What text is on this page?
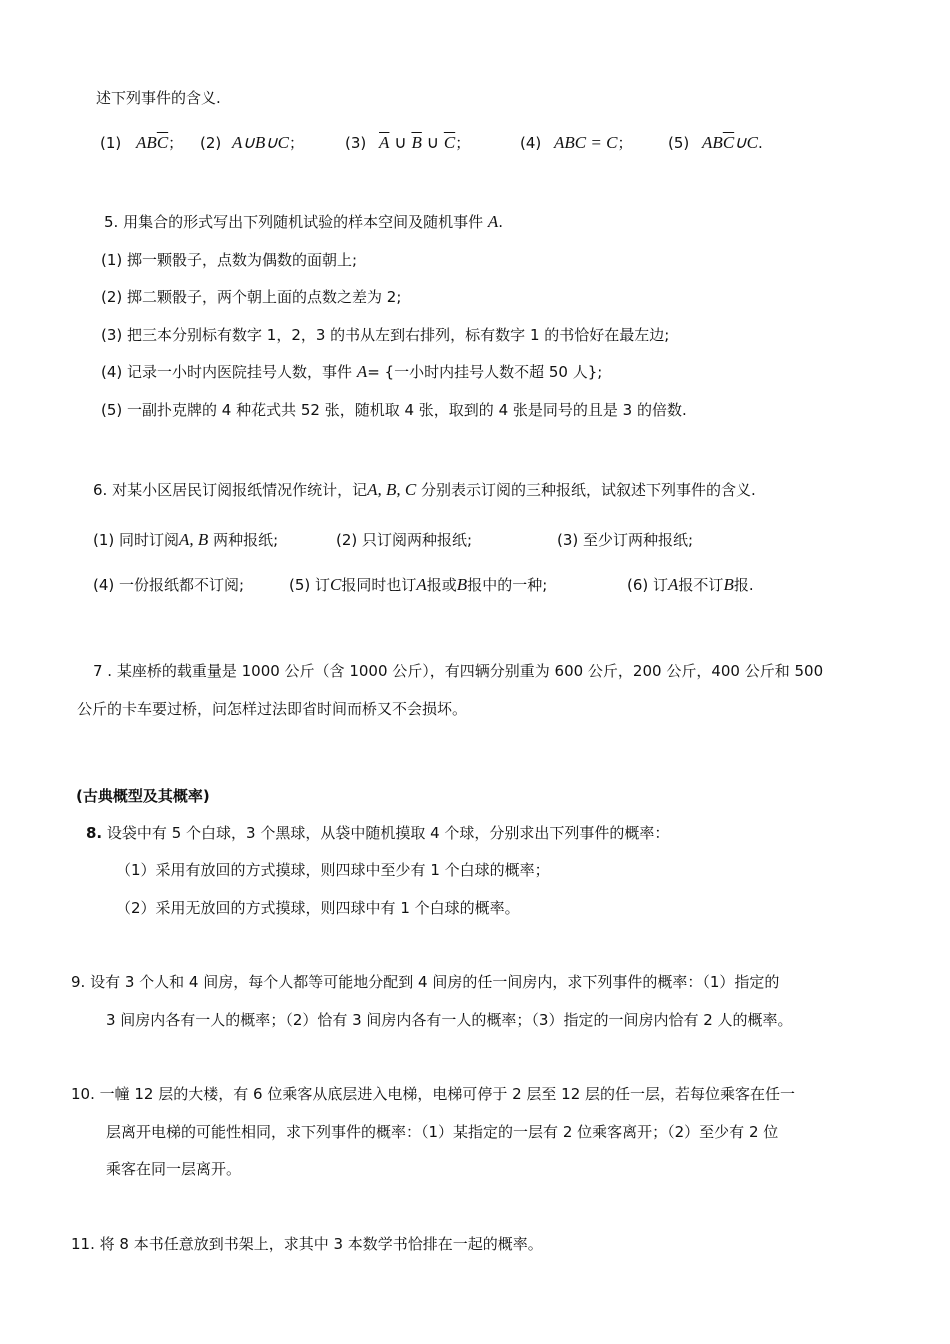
述下列事件的含义.
(1) $AB\overline{C}$； (2) A∪B∪C；	(3) $\overline{A}$ ∪ $\overline{B}$ ∪ $\overline{C}$；	(4) ABC = C； (5) $AB\overline{C}\cup C$.
5. 用集合的形式写出下列随机试验的样本空间及随机事件 A.
(1) 掷一颗骰子，点数为偶数的面朝上;
(2) 掷二颗骰子，两个朝上面的点数之差为 2;
(3) 把三本分别标有数字 1，2，3 的书从左到右排列，标有数字 1 的书恰好在最左边;
(4) 记录一小时内医院挂号人数，事件 A= {一小时内挂号人数不超 50 人};
(5) 一副扑克牌的 4 种花式共 52 张，随机取 4 张，取到的 4 张是同号的且是 3 的倍数.
6. 对某小区居民订阅报纸情况作统计，记A, B, C 分别表示订阅的三种报纸，试叙述下列事件的含义.
(1) 同时订阅A, B 两种报纸;	(2) 只订阅两种报纸;	(3) 至少订两种报纸;
(4) 一份报纸都不订阅;	(5) 订C报同时也订A报或B报中的一种;	(6) 订A报不订B报.
7 . 某座桥的载重量是 1000 公斤（含 1000 公斤），有四辆分别重为 600 公斤，200 公斤，400 公斤和 500
公斤的卡车要过桥，问怎样过法即省时间而桥又不会损坏。
(古典概型及其概率)
8. 设袋中有 5 个白球，3 个黑球，从袋中随机摸取 4 个球，分别求出下列事件的概率：
（1）采用有放回的方式摸球，则四球中至少有 1 个白球的概率；
（2）采用无放回的方式摸球，则四球中有 1 个白球的概率。
9. 设有 3 个人和 4 间房，每个人都等可能地分配到 4 间房的任一间房内，求下列事件的概率：（1）指定的
3 间房内各有一人的概率；（2）恰有 3 间房内各有一人的概率；（3）指定的一间房内恰有 2 人的概率。
10. 一幢 12 层的大楼，有 6 位乘客从底层进入电梯，电梯可停于 2 层至 12 层的任一层，若每位乘客在任一
层离开电梯的可能性相同，求下列事件的概率：（1）某指定的一层有 2 位乘客离开；（2）至少有 2 位
乘客在同一层离开。
11. 将 8 本书任意放到书架上，求其中 3 本数学书恰排在一起的概率。
